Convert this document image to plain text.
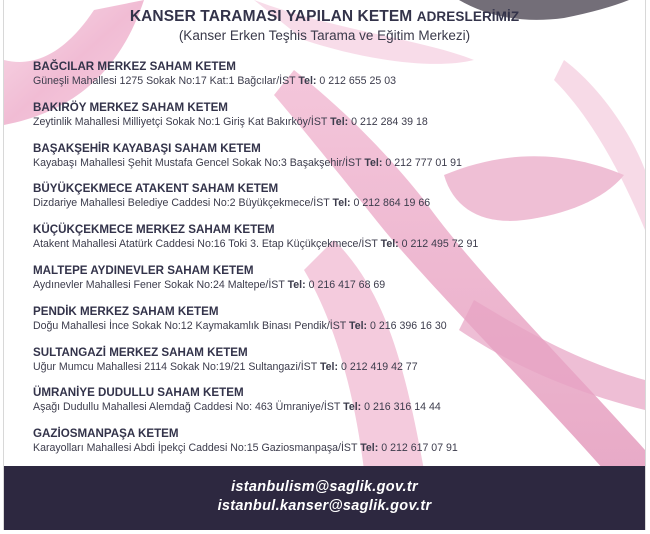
KANSER TARAMASI YAPILAN KETEM ADRESLERİMİZ
(Kanser Erken Teşhis Tarama ve Eğitim Merkezi)
BAĞCILAR MERKEZ SAHAM KETEM
Güneşli Mahallesi 1275 Sokak No:17 Kat:1 Bağcılar/İST Tel: 0 212 655 25 03
BAKIRÖY MERKEZ SAHAM KETEM
Zeytinlik Mahallesi Milliyetçi Sokak No:1 Giriş Kat Bakırköy/İST Tel: 0 212 284 39 18
BAŞAKŞEHİR KAYABAŞI SAHAM KETEM
Kayabaşı Mahallesi Şehit Mustafa Gencel Sokak No:3 Başakşehir/İST Tel: 0 212 777 01 91
BÜYÜKÇEKMECE ATAKENT SAHAM KETEM
Dizdariye Mahallesi Belediye Caddesi No:2 Büyükçekmece/İST Tel: 0 212 864 19 66
KÜÇÜKÇEKMECE MERKEZ SAHAM KETEM
Atakent Mahallesi Atatürk Caddesi No:16 Toki 3. Etap Küçükçekmece/İST Tel: 0 212 495 72 91
MALTEPE AYDINEVLER SAHAM KETEM
Aydınevler Mahallesi Fener Sokak No:24 Maltepe/İST Tel: 0 216 417 68 69
PENDİK MERKEZ SAHAM KETEM
Doğu Mahallesi İnce Sokak No:12 Kaymakamlık Binası Pendik/İST Tel: 0 216 396 16 30
SULTANGAZİ MERKEZ SAHAM KETEM
Uğur Mumcu Mahallesi 2114 Sokak No:19/21 Sultangazi/İST Tel: 0 212 419 42 77
ÜMRANİYE DUDULLU SAHAM KETEM
Aşağı Dudullu Mahallesi Alemdağ Caddesi No: 463 Ümraniye/İST Tel: 0 216 316 14 44
GAZİOSMANPAŞA KETEM
Karayolları Mahallesi Abdi İpekçi Caddesi No:15 Gaziosmanpaşa/İST Tel: 0 212 617 07 91
istanbulism@saglik.gov.tr
istanbul.kanser@saglik.gov.tr
